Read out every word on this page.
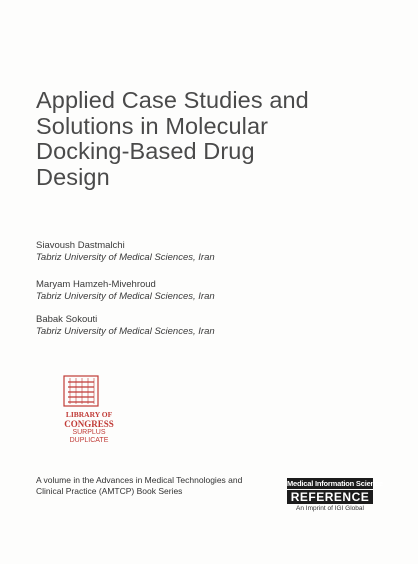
Applied Case Studies and
Solutions in Molecular
Docking-Based Drug
Design
Siavoush Dastmalchi
Tabriz University of Medical Sciences, Iran
Maryam Hamzeh-Mivehroud
Tabriz University of Medical Sciences, Iran
Babak Sokouti
Tabriz University of Medical Sciences, Iran
LIBRARY OF
CONGRESS
SURPLUS
DUPLICATE
A volume in the Advances in Medical Technologies and Clinical Practice (AMTCP) Book Series
Medical Information Science
REFERENCE
An Imprint of IGI Global
